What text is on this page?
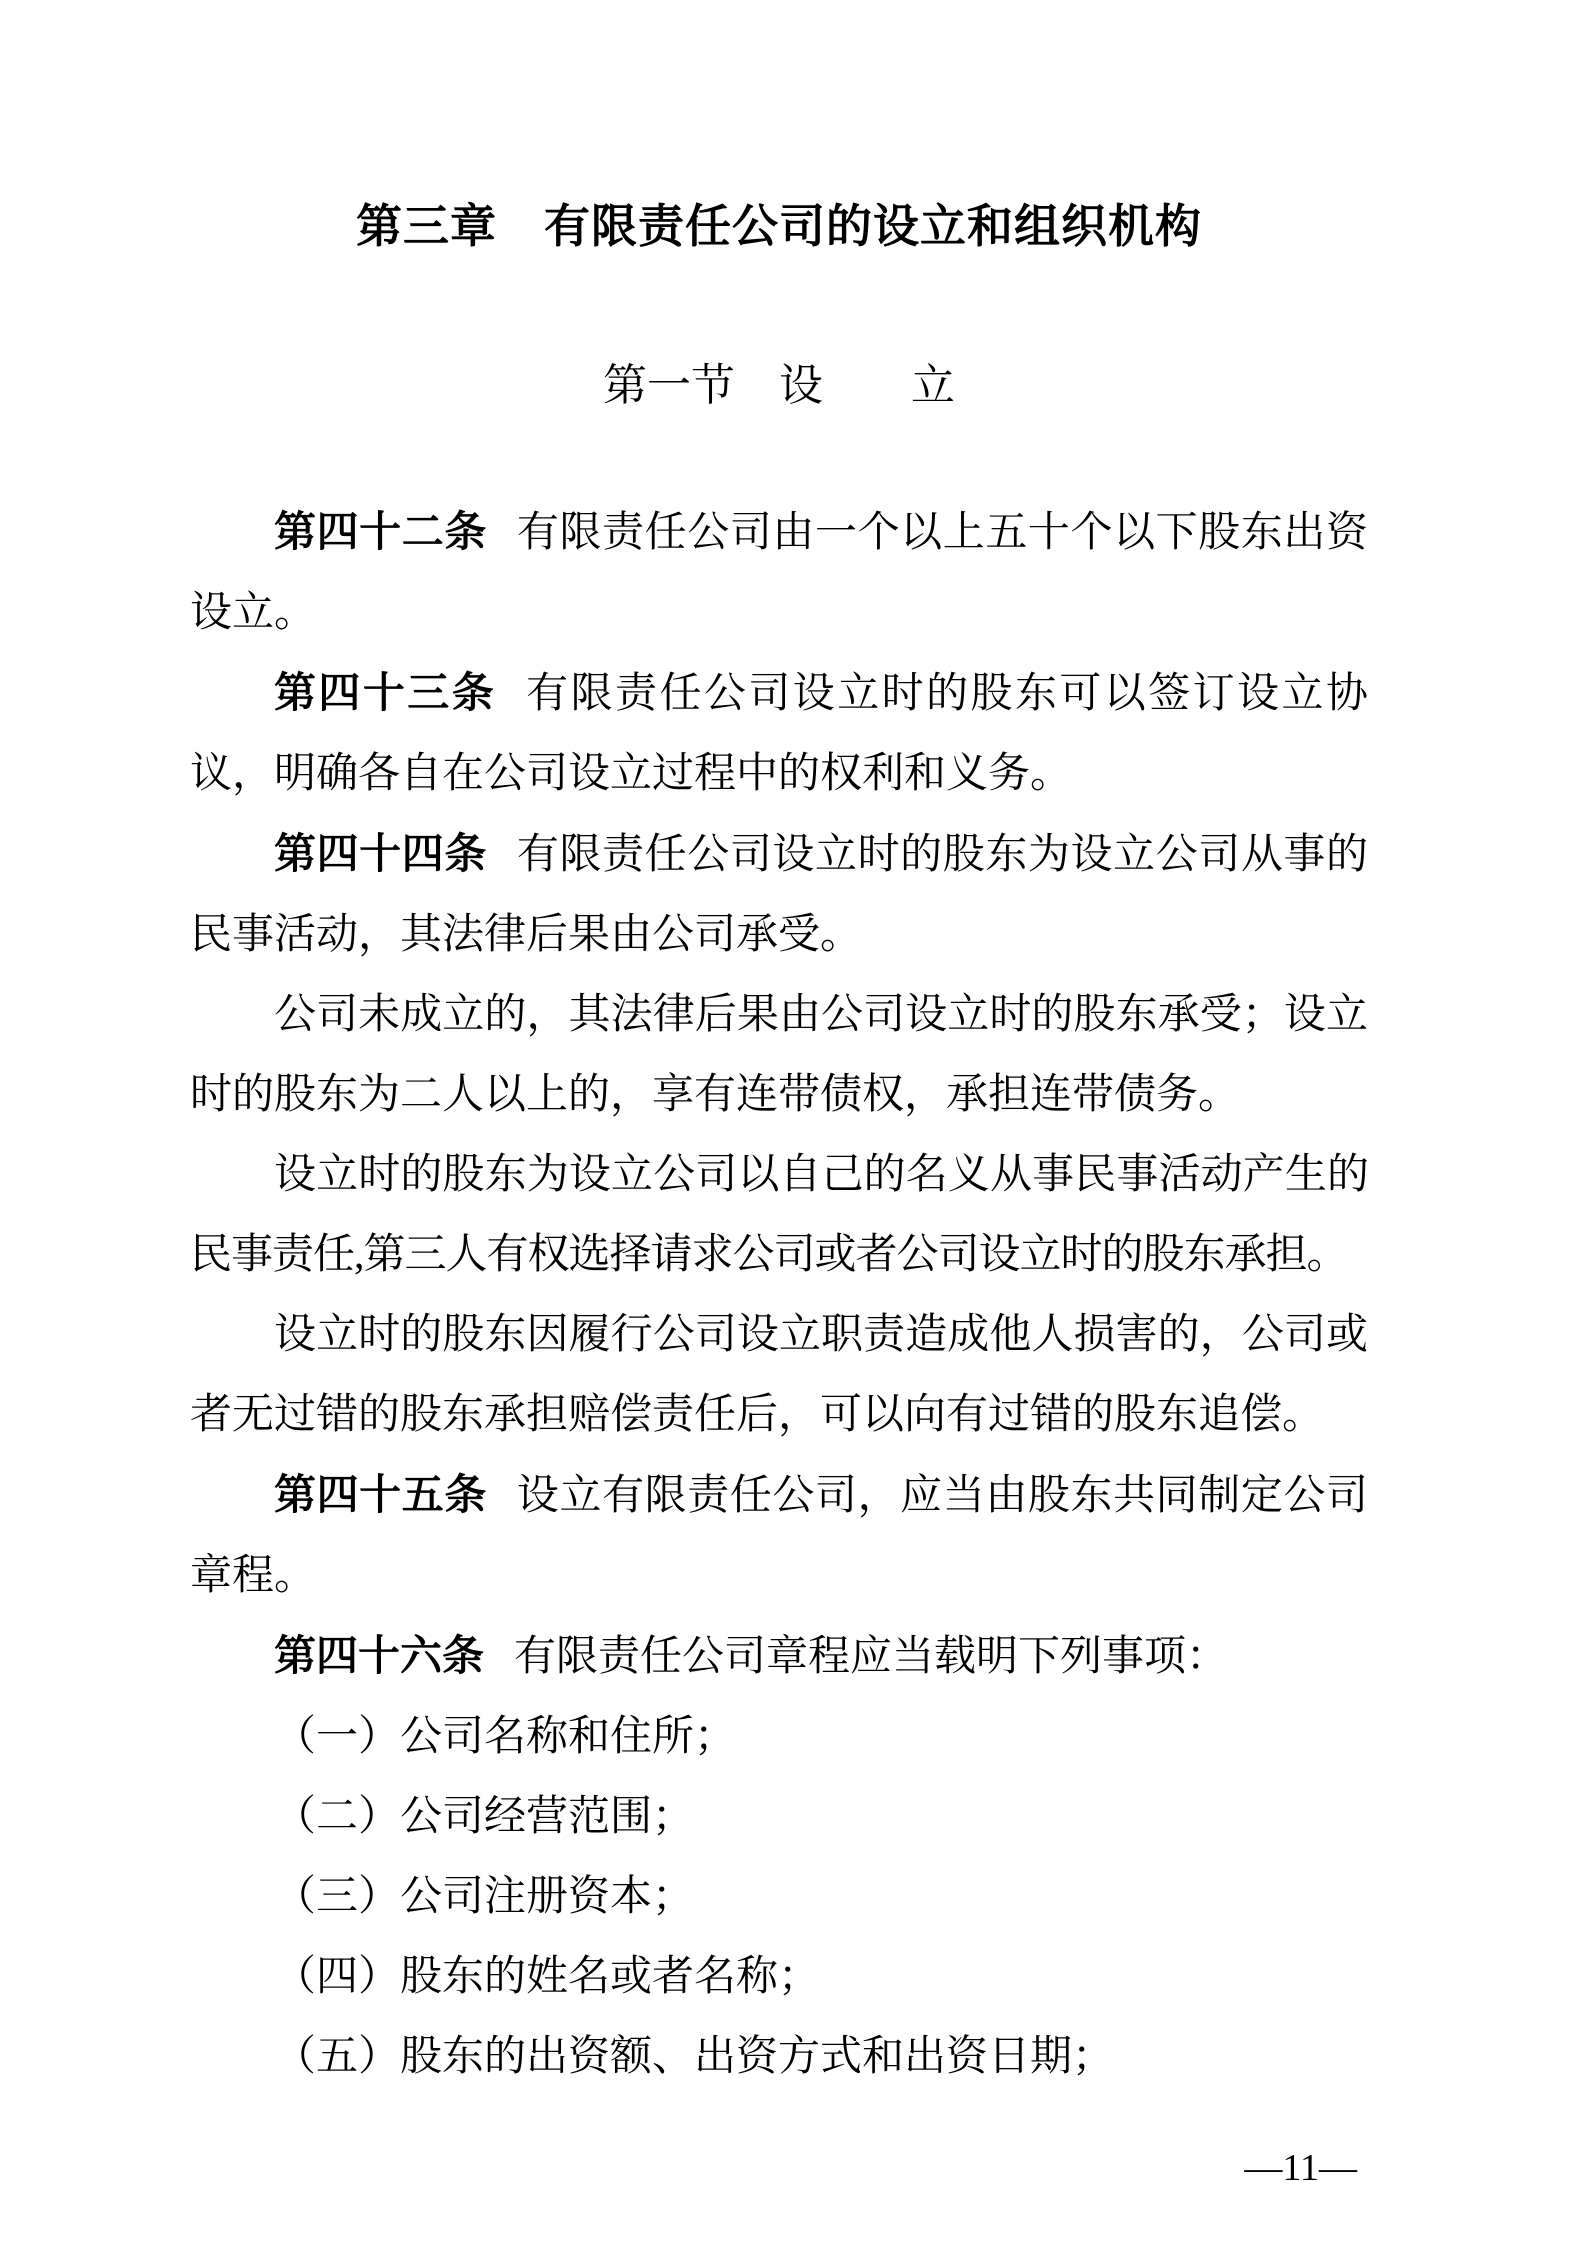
第三章　有限责任公司的设立和组织机构
第一节　设　　立

第四十二条 有限责任公司由一个以上五十个以下股东出资设立。

第四十三条 有限责任公司设立时的股东可以签订设立协议，明确各自在公司设立过程中的权利和义务。

第四十四条 有限责任公司设立时的股东为设立公司从事的民事活动，其法律后果由公司承受。

公司未成立的，其法律后果由公司设立时的股东承受；设立时的股东为二人以上的，享有连带债权，承担连带债务。

设立时的股东为设立公司以自己的名义从事民事活动产生的民事责任,第三人有权选择请求公司或者公司设立时的股东承担。

设立时的股东因履行公司设立职责造成他人损害的，公司或者无过错的股东承担赔偿责任后，可以向有过错的股东追偿。

第四十五条 设立有限责任公司，应当由股东共同制定公司章程。

第四十六条 有限责任公司章程应当载明下列事项：

（一）公司名称和住所；

（二）公司经营范围；

（三）公司注册资本；

（四）股东的姓名或者名称；

（五）股东的出资额、出资方式和出资日期；

—11—
